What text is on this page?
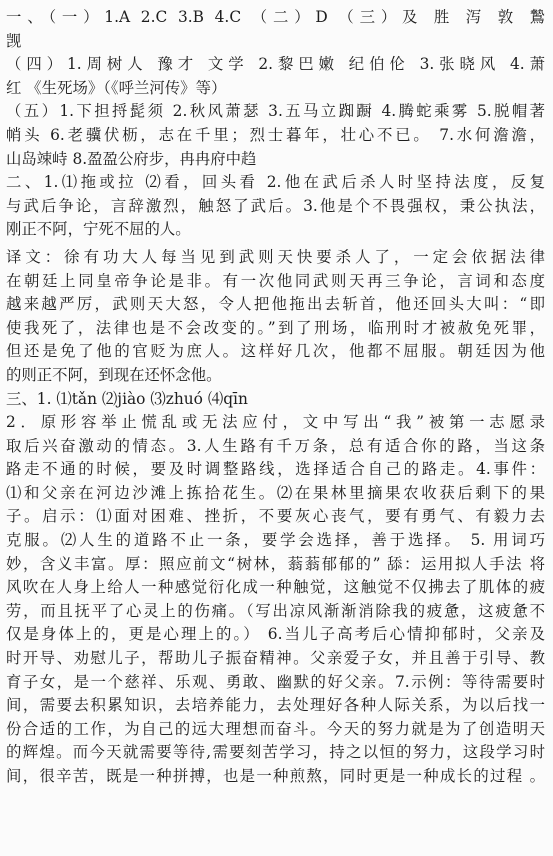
一、（一）1.A 2.C 3.B 4.C （二）D （三）及 胜 泻 敦 鷙

觊

（四）1.周树人 豫才 文学 2.黎巴嫩 纪伯伦 3.张晓风 4.萧

红 《生死场》（《呼兰河传》等）

（五）1.下担捋髭须 2.秋风萧瑟 3.五马立踟蹰 4.腾蛇乘雾 5.脱帽著

帩头 6.老骥伏枥，志在千里；烈士暮年，壮心不已。 7.水何澹澹，

山岛竦峙 8.盈盈公府步，冉冉府中趋

二、1.⑴拖或拉 ⑵看，回头看 2.他在武后杀人时坚持法度，反复

与武后争论，言辞激烈，触怒了武后。3.他是个不畏强权，秉公执法，

刚正不阿，宁死不屈的人。

译文：徐有功大人每当见到武则天快要杀人了，一定会依据法律

在朝廷上同皇帝争论是非。有一次他同武则天再三争论，言词和态度

越来越严厉，武则天大怒，令人把他拖出去斩首，他还回头大叫：“即

使我死了，法律也是不会改变的。”到了刑场，临刑时才被赦免死罪，

但还是免了他的官贬为庶人。这样好几次，他都不屈服。朝廷因为他

的则正不阿，到现在还怀念他。

三、1. ⑴tǎn ⑵jiào ⑶zhuó ⑷qīn

2．原形容举止慌乱或无法应付，文中写出“我”被第一志愿录

取后兴奋激动的情态。3.人生路有千万条，总有适合你的路，当这条

路走不通的时候，要及时调整路线，选择适合自己的路走。4.事件：

⑴和父亲在河边沙滩上拣拾花生。⑵在果林里摘果农收获后剩下的果

子。启示：⑴面对困难、挫折，不要灰心丧气，要有勇气、有毅力去

克服。⑵人生的道路不止一条，要学会选择，善于选择。 5. 用词巧

妙，含义丰富。厚：照应前文“树林，蓊蓊郁郁的” 舔：运用拟人手法 将

风吹在人身上给人一种感觉衍化成一种触觉，这触觉不仅拂去了肌体的疲

劳，而且抚平了心灵上的伤痛。（写出凉风渐渐消除我的疲惫，这疲惫不

仅是身体上的，更是心理上的。） 6.当儿子高考后心情抑郁时，父亲及

时开导、劝慰儿子，帮助儿子振奋精神。父亲爱子女，并且善于引导、教

育子女，是一个慈祥、乐观、勇敢、幽默的好父亲。7.示例：等待需要时

间，需要去积累知识，去培养能力，去处理好各种人际关系，为以后找一

份合适的工作，为自己的远大理想而奋斗。今天的努力就是为了创造明天

的辉煌。而今天就需要等待,需要刻苦学习，持之以恒的努力，这段学习时

间，很辛苦，既是一种拼搏，也是一种煎熬，同时更是一种成长的过程 。
